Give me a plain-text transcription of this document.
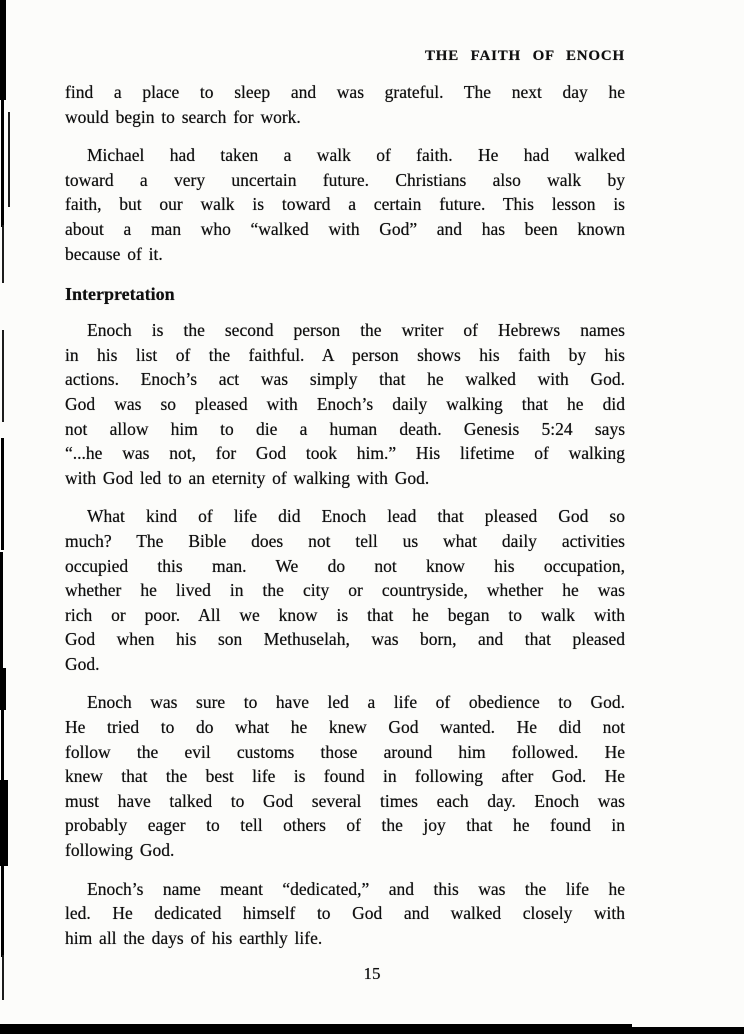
THE FAITH OF ENOCH
find a place to sleep and was grateful. The next day he
would begin to search for work.
Michael had taken a walk of faith. He had walked
toward a very uncertain future. Christians also walk by
faith, but our walk is toward a certain future. This lesson is
about a man who “walked with God” and has been known
because of it.
Interpretation
Enoch is the second person the writer of Hebrews names
in his list of the faithful. A person shows his faith by his
actions. Enoch’s act was simply that he walked with God.
God was so pleased with Enoch’s daily walking that he did
not allow him to die a human death. Genesis 5:24 says
“...he was not, for God took him.” His lifetime of walking
with God led to an eternity of walking with God.
What kind of life did Enoch lead that pleased God so
much? The Bible does not tell us what daily activities
occupied this man. We do not know his occupation,
whether he lived in the city or countryside, whether he was
rich or poor. All we know is that he began to walk with
God when his son Methuselah, was born, and that pleased
God.
Enoch was sure to have led a life of obedience to God.
He tried to do what he knew God wanted. He did not
follow the evil customs those around him followed. He
knew that the best life is found in following after God. He
must have talked to God several times each day. Enoch was
probably eager to tell others of the joy that he found in
following God.
Enoch’s name meant “dedicated,” and this was the life he
led. He dedicated himself to God and walked closely with
him all the days of his earthly life.
15
